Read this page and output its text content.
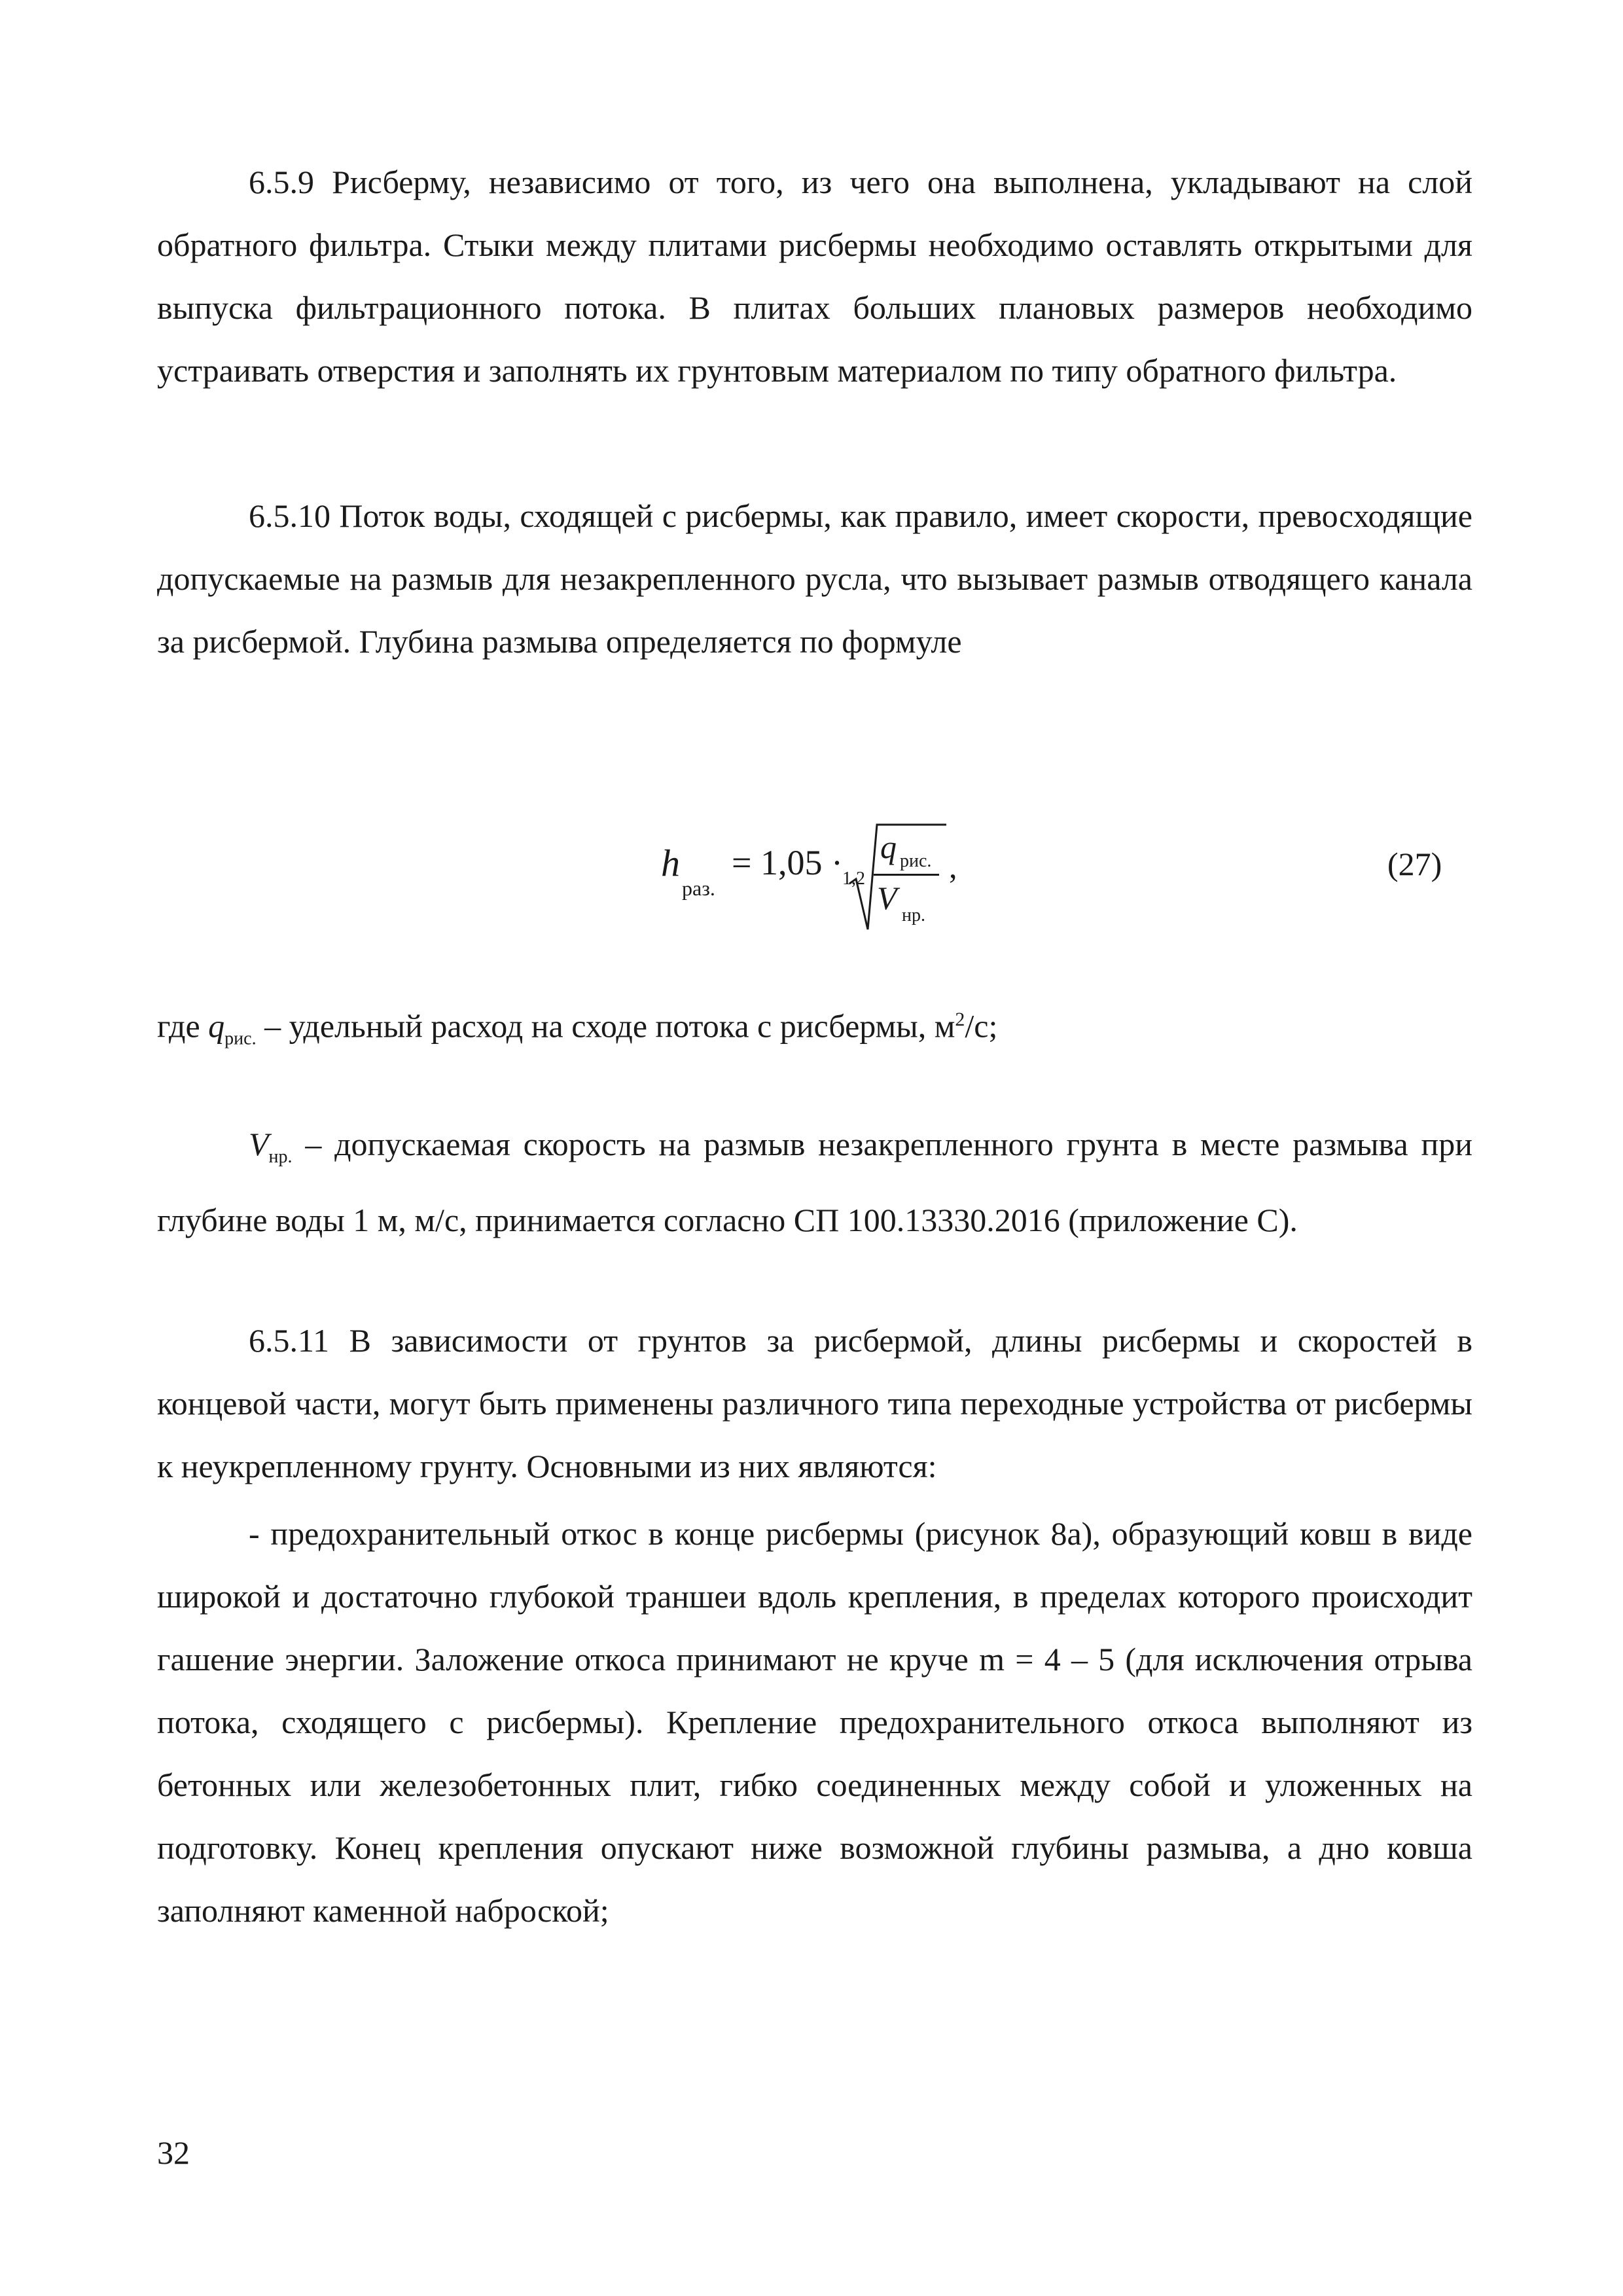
6.5.9 Рисберму, независимо от того, из чего она выполнена, укладывают на слой обратного фильтра. Стыки между плитами рисбермы необходимо оставлять открытыми для выпуска фильтрационного потока. В плитах больших плановых размеров необходимо устраивать отверстия и заполнять их грунтовым материалом по типу обратного фильтра.

6.5.10 Поток воды, сходящей с рисбермы, как правило, имеет скорости, превосходящие допускаемые на размыв для незакрепленного русла, что вызывает размыв отводящего канала за рисбермой. Глубина размыва определяется по формуле

h
раз.
= 1,05 · 1,2
q рис.
V нр.
,	(27)

где $q_{рис.}$ – удельный расход на сходе потока с рисбермы, $м^2/с$;

$V_{нр.}$ – допускаемая скорость на размыв незакрепленного грунта в месте размыва при глубине воды 1 м, м/с, принимается согласно СП 100.13330.2016 (приложение С).

6.5.11 В зависимости от грунтов за рисбермой, длины рисбермы и скоростей в концевой части, могут быть применены различного типа переходные устройства от рисбермы к неукрепленному грунту. Основными из них являются:

- предохранительный откос в конце рисбермы (рисунок 8а), образующий ковш в виде широкой и достаточно глубокой траншеи вдоль крепления, в пределах которого происходит гашение энергии. Заложение откоса принимают не круче m = 4 – 5 (для исключения отрыва потока, сходящего с рисбермы). Крепление предохранительного откоса выполняют из бетонных или железобетонных плит, гибко соединенных между собой и уложенных на подготовку. Конец крепления опускают ниже возможной глубины размыва, а дно ковша заполняют каменной наброской;

32
